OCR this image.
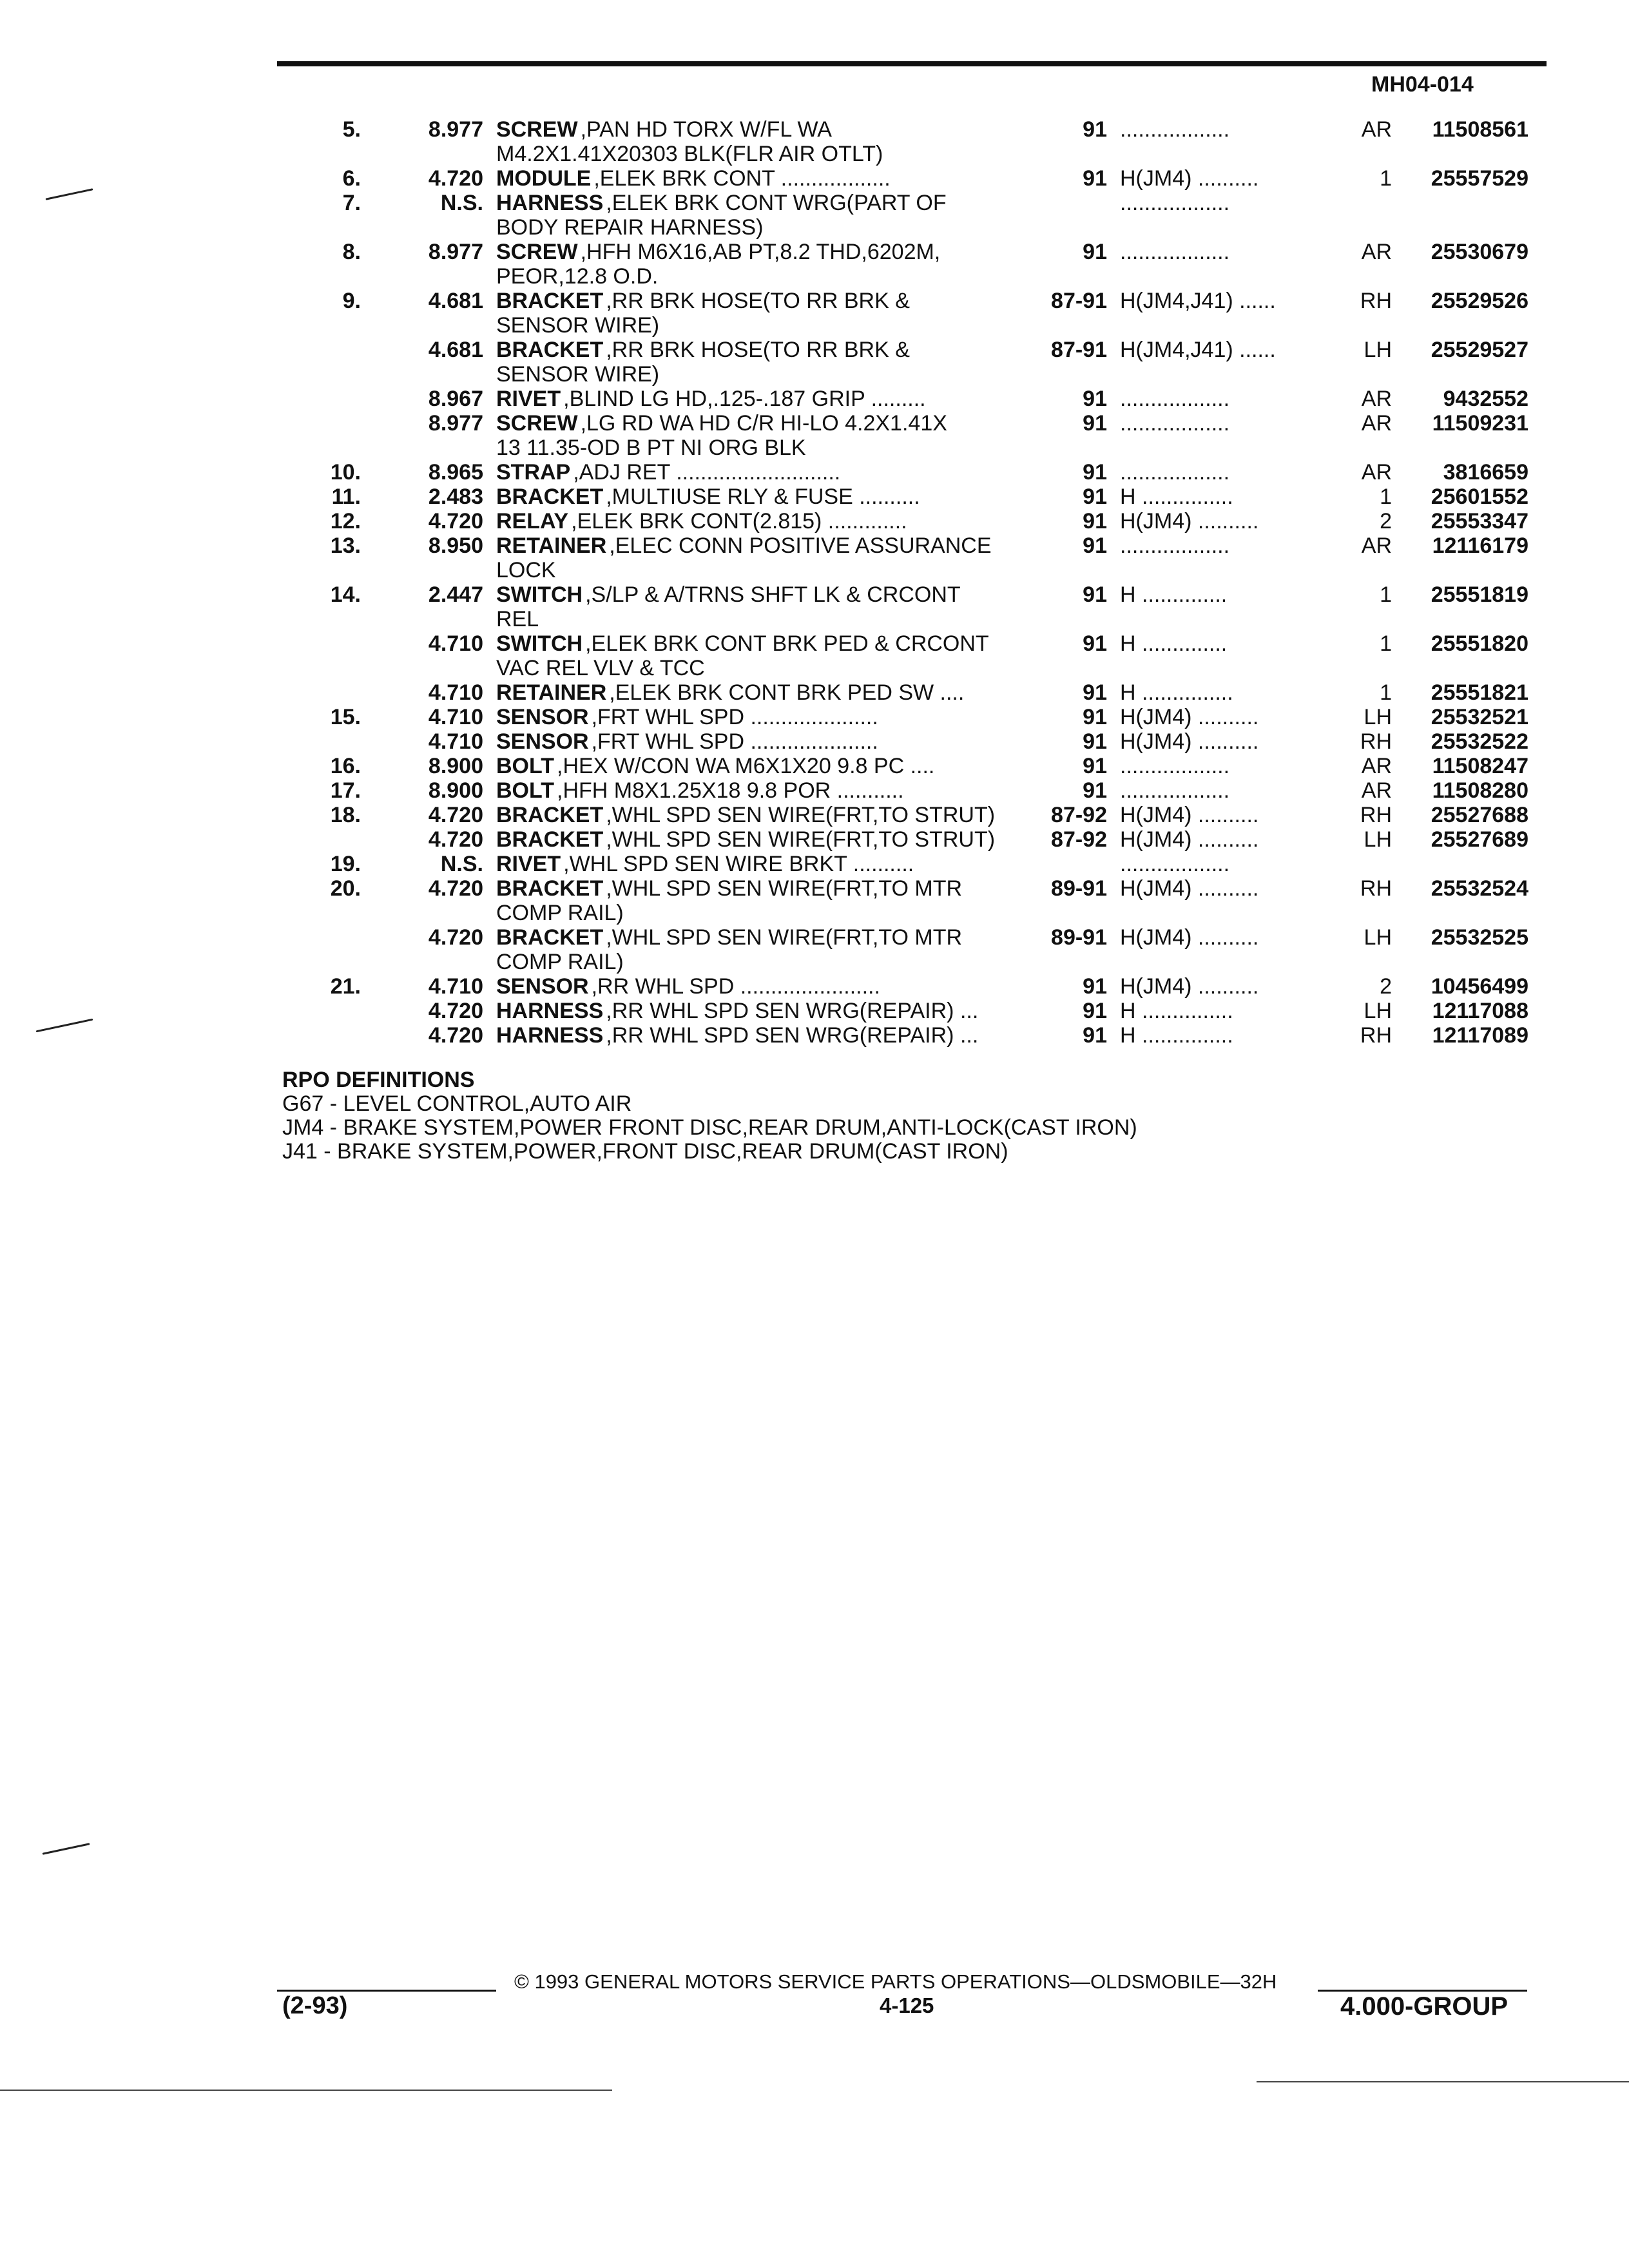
MH04-014
5.	8.977 SCREW ,PAN HD TORX W/FL WA	91 ..................	AR	11508561
M4.2X1.41X20303 BLK(FLR AIR OTLT)
6.	4.720 MODULE ,ELEK BRK CONT ..................	91 H(JM4) ..........	1	25557529
7.	N.S. HARNESS ,ELEK BRK CONT WRG(PART OF	..................
BODY REPAIR HARNESS)
8.	8.977 SCREW ,HFH M6X16,AB PT,8.2 THD,6202M,	91 ..................	AR	25530679
PEOR,12.8 O.D.
9.	4.681 BRACKET ,RR BRK HOSE(TO RR BRK &	87-91 H(JM4,J41) ......	RH	25529526
SENSOR WIRE)
4.681 BRACKET ,RR BRK HOSE(TO RR BRK &	87-91 H(JM4,J41) ......	LH	25529527
SENSOR WIRE)
8.967 RIVET ,BLIND LG HD,.125-.187 GRIP .........	91 ..................	AR	9432552
8.977 SCREW ,LG RD WA HD C/R HI-LO 4.2X1.41X	91 ..................	AR	11509231
13 11.35-OD B PT NI ORG BLK
10.	8.965 STRAP ,ADJ RET ...........................	91 ..................	AR	3816659
11.	2.483 BRACKET ,MULTIUSE RLY & FUSE ..........	91 H ...............	1	25601552
12.	4.720 RELAY ,ELEK BRK CONT(2.815) .............	91 H(JM4) ..........	2	25553347
13.	8.950 RETAINER ,ELEC CONN POSITIVE ASSURANCE	91 ..................	AR	12116179
LOCK
14.	2.447 SWITCH ,S/LP & A/TRNS SHFT LK & CRCONT	91 H ..............	1	25551819
REL
4.710 SWITCH ,ELEK BRK CONT BRK PED & CRCONT	91 H ..............	1	25551820
VAC REL VLV & TCC
4.710 RETAINER ,ELEK BRK CONT BRK PED SW ....	91 H ...............	1	25551821
15.	4.710 SENSOR ,FRT WHL SPD .....................	91 H(JM4) ..........	LH	25532521
4.710 SENSOR ,FRT WHL SPD .....................	91 H(JM4) ..........	RH	25532522
16.	8.900 BOLT ,HEX W/CON WA M6X1X20 9.8 PC ....	91 ..................	AR	11508247
17.	8.900 BOLT ,HFH M8X1.25X18 9.8 POR ...........	91 ..................	AR	11508280
18.	4.720 BRACKET ,WHL SPD SEN WIRE(FRT,TO STRUT)	87-92 H(JM4) ..........	RH	25527688
4.720 BRACKET ,WHL SPD SEN WIRE(FRT,TO STRUT)	87-92 H(JM4) ..........	LH	25527689
19.	N.S. RIVET ,WHL SPD SEN WIRE BRKT ..........	..................
20.	4.720 BRACKET ,WHL SPD SEN WIRE(FRT,TO MTR	89-91 H(JM4) ..........	RH	25532524
COMP RAIL)
4.720 BRACKET ,WHL SPD SEN WIRE(FRT,TO MTR	89-91 H(JM4) ..........	LH	25532525
COMP RAIL)
21.	4.710 SENSOR ,RR WHL SPD .......................	91 H(JM4) ..........	2	10456499
4.720 HARNESS ,RR WHL SPD SEN WRG(REPAIR) ...	91 H ...............	LH	12117088
4.720 HARNESS ,RR WHL SPD SEN WRG(REPAIR) ...	91 H ...............	RH	12117089
RPO DEFINITIONS
G67 - LEVEL CONTROL,AUTO AIR
JM4 - BRAKE SYSTEM,POWER FRONT DISC,REAR DRUM,ANTI-LOCK(CAST IRON)
J41 - BRAKE SYSTEM,POWER,FRONT DISC,REAR DRUM(CAST IRON)
(2-93)
© 1993 GENERAL MOTORS SERVICE PARTS OPERATIONS—OLDSMOBILE—32H
4-125	4.000-GROUP
